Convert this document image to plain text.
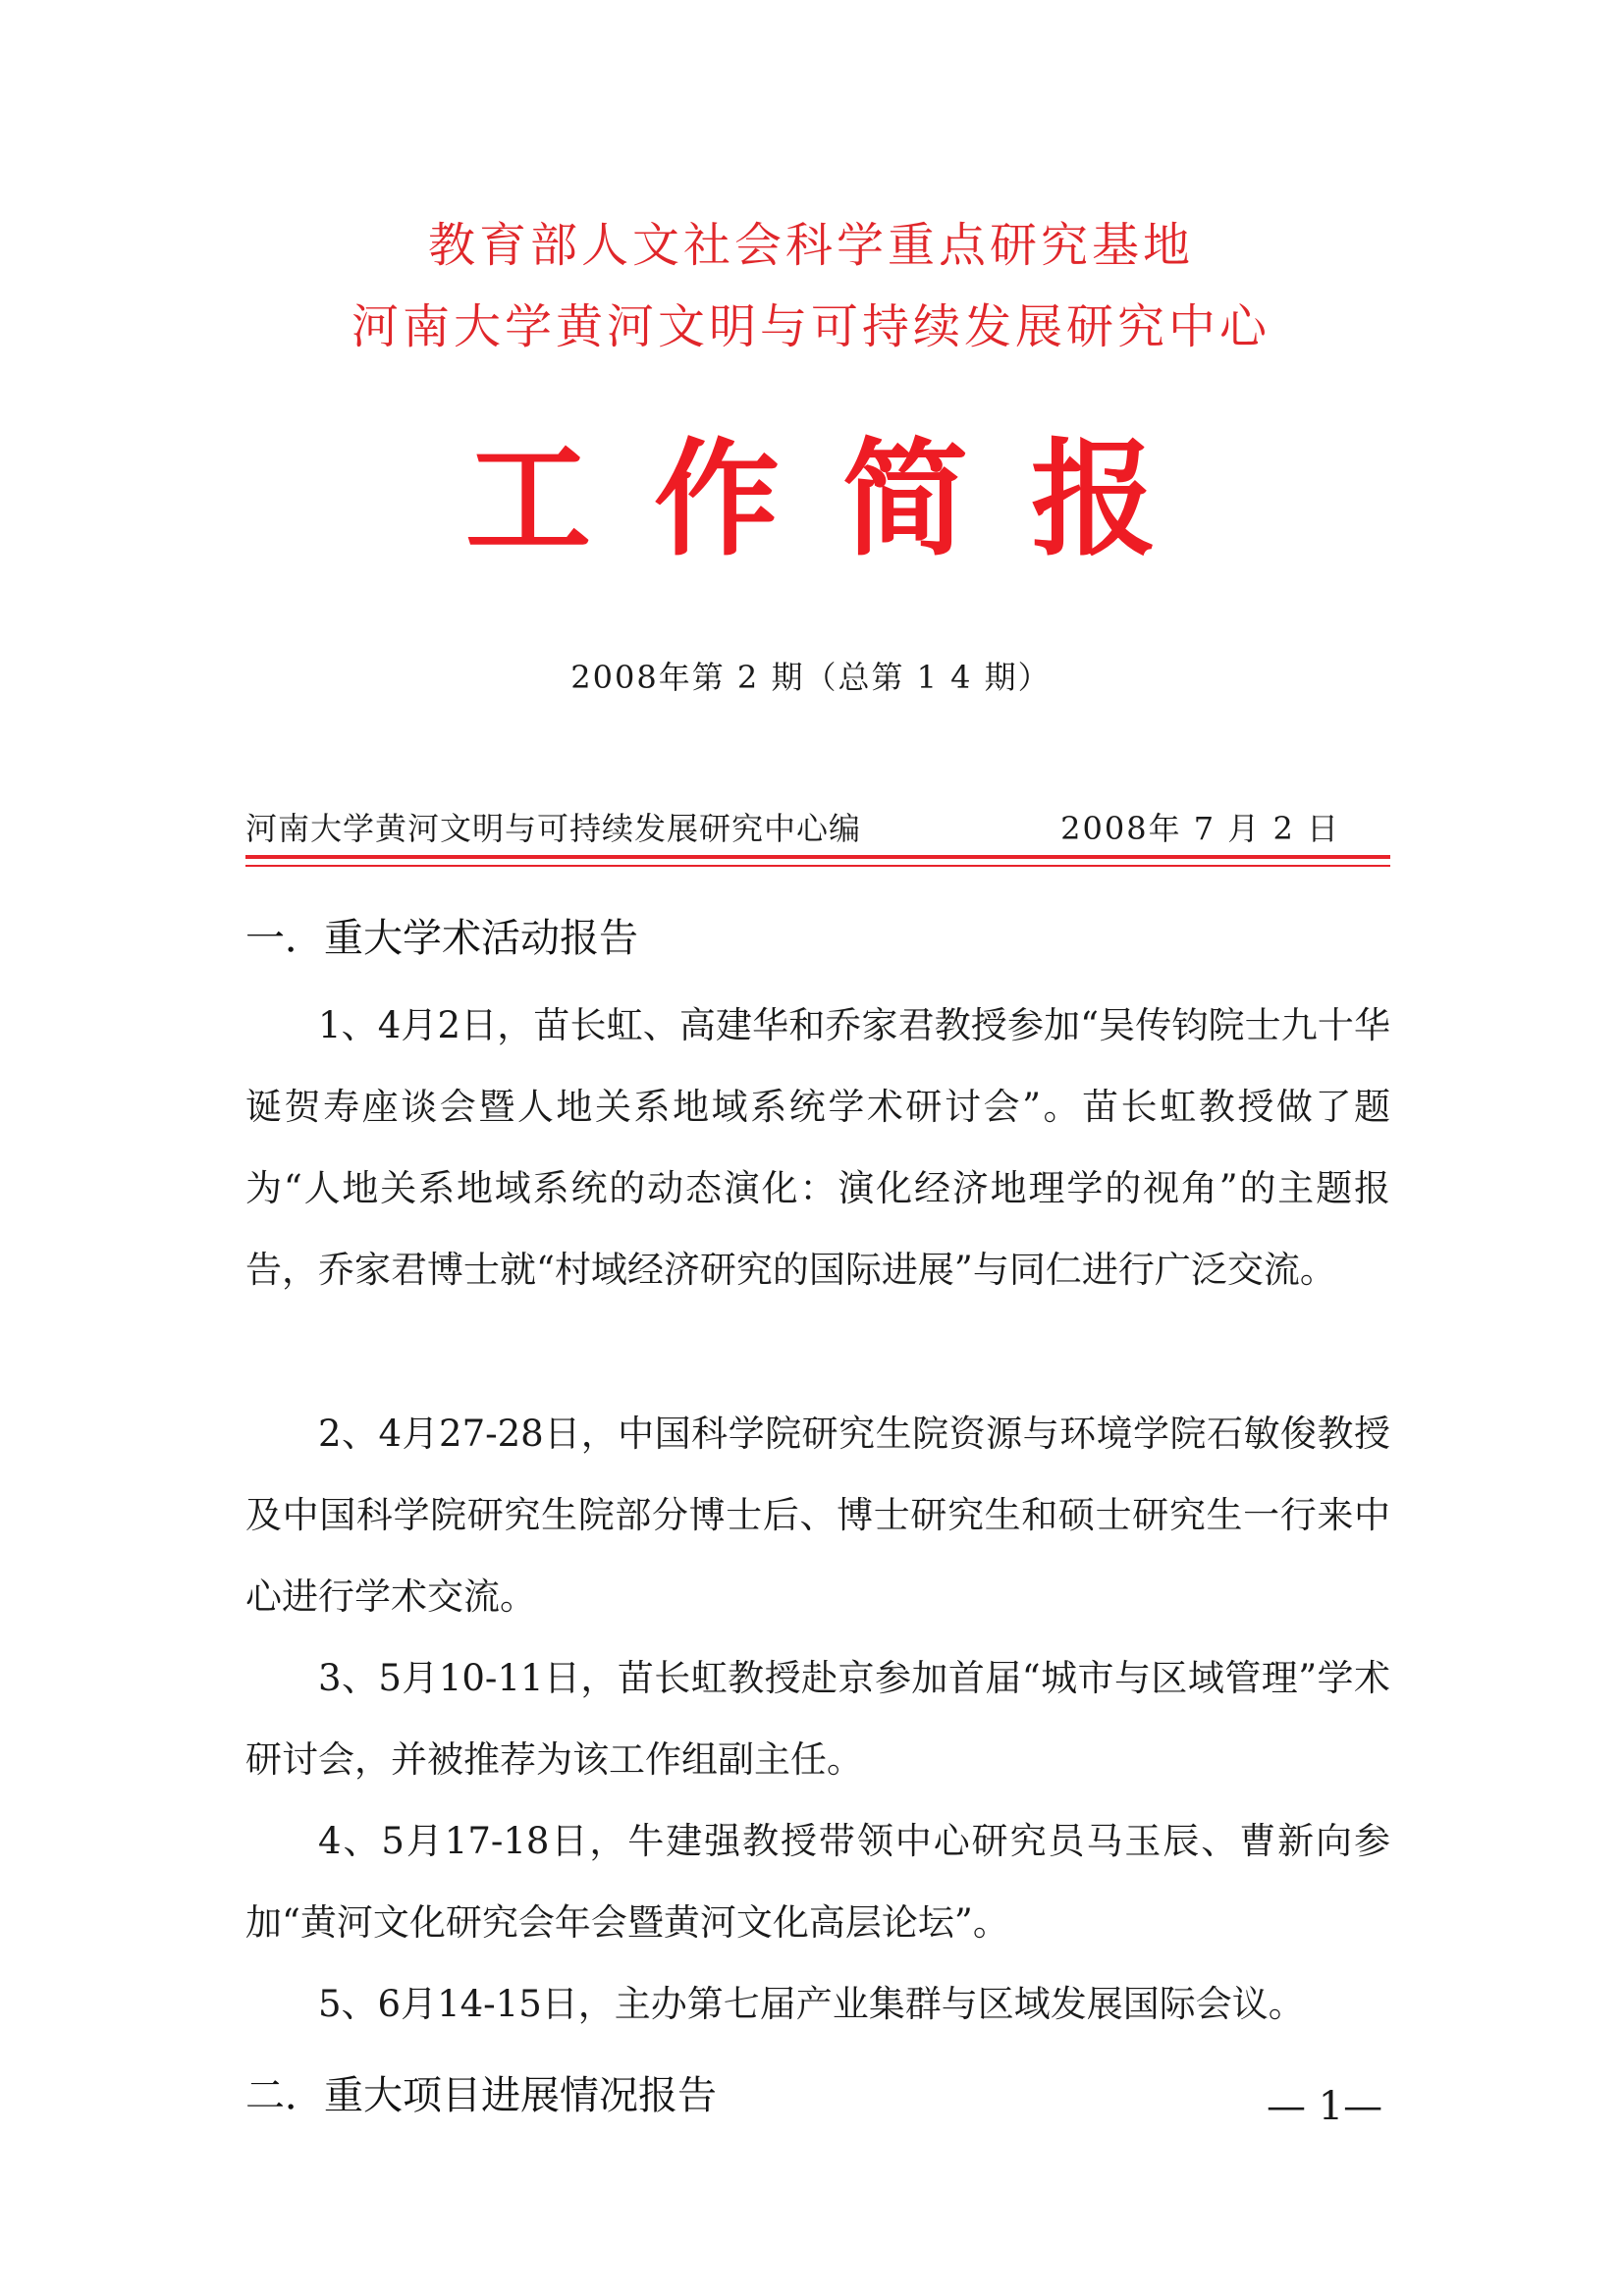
教育部人文社会科学重点研究基地
河南大学黄河文明与可持续发展研究中心
工 作 简 报
2008年第 2 期（总第 1 4 期）
河南大学黄河文明与可持续发展研究中心编	2008年 7 月 2 日
一．重大学术活动报告

1、4月2日，苗长虹、高建华和乔家君教授参加“吴传钧院士九十华诞贺寿座谈会暨人地关系地域系统学术研讨会”。苗长虹教授做了题为“人地关系地域系统的动态演化：演化经济地理学的视角”的主题报告，乔家君博士就“村域经济研究的国际进展”与同仁进行广泛交流。

2、4月27-28日，中国科学院研究生院资源与环境学院石敏俊教授及中国科学院研究生院部分博士后、博士研究生和硕士研究生一行来中心进行学术交流。

3、5月10-11日，苗长虹教授赴京参加首届“城市与区域管理”学术研讨会，并被推荐为该工作组副主任。

4、5月17-18日，牛建强教授带领中心研究员马玉辰、曹新向参加“黄河文化研究会年会暨黄河文化高层论坛”。

5、6月14-15日，主办第七届产业集群与区域发展国际会议。

二．重大项目进展情况报告	— 1—
